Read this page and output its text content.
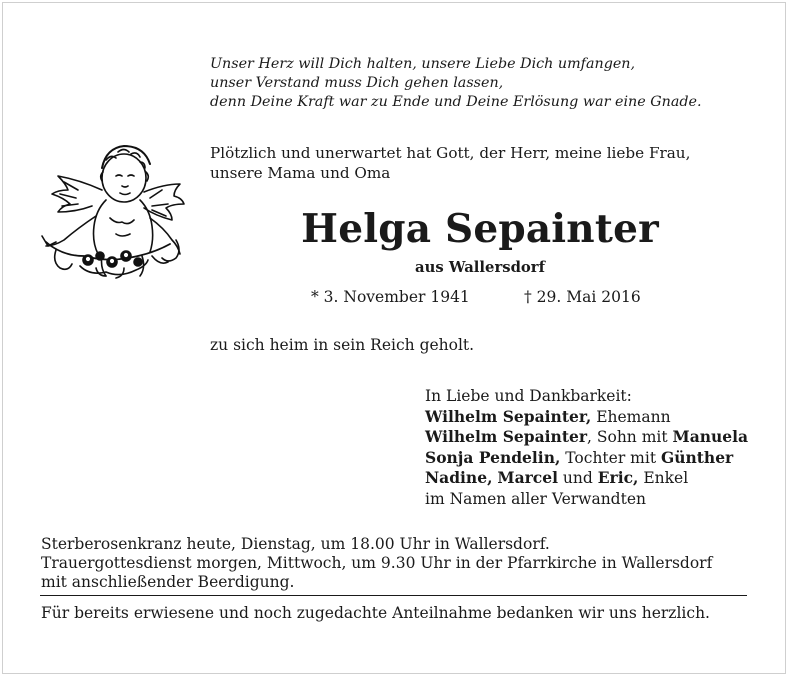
Unser Herz will Dich halten, unsere Liebe Dich umfangen,
unser Verstand muss Dich gehen lassen,
denn Deine Kraft war zu Ende und Deine Erlösung war eine Gnade.
Plötzlich und unerwartet hat Gott, der Herr, meine liebe Frau,
unsere Mama und Oma
Helga Sepainter
aus Wallersdorf
* 3. November 1941	† 29. Mai 2016
zu sich heim in sein Reich geholt.
In Liebe und Dankbarkeit:
Wilhelm Sepainter, Ehemann
Wilhelm Sepainter, Sohn mit Manuela
Sonja Pendelin, Tochter mit Günther
Nadine, Marcel und Eric, Enkel
im Namen aller Verwandten
Sterberosenkranz heute, Dienstag, um 18.00 Uhr in Wallersdorf.
Trauergottesdienst morgen, Mittwoch, um 9.30 Uhr in der Pfarrkirche in Wallersdorf
mit anschließender Beerdigung.
Für bereits erwiesene und noch zugedachte Anteilnahme bedanken wir uns herzlich.
